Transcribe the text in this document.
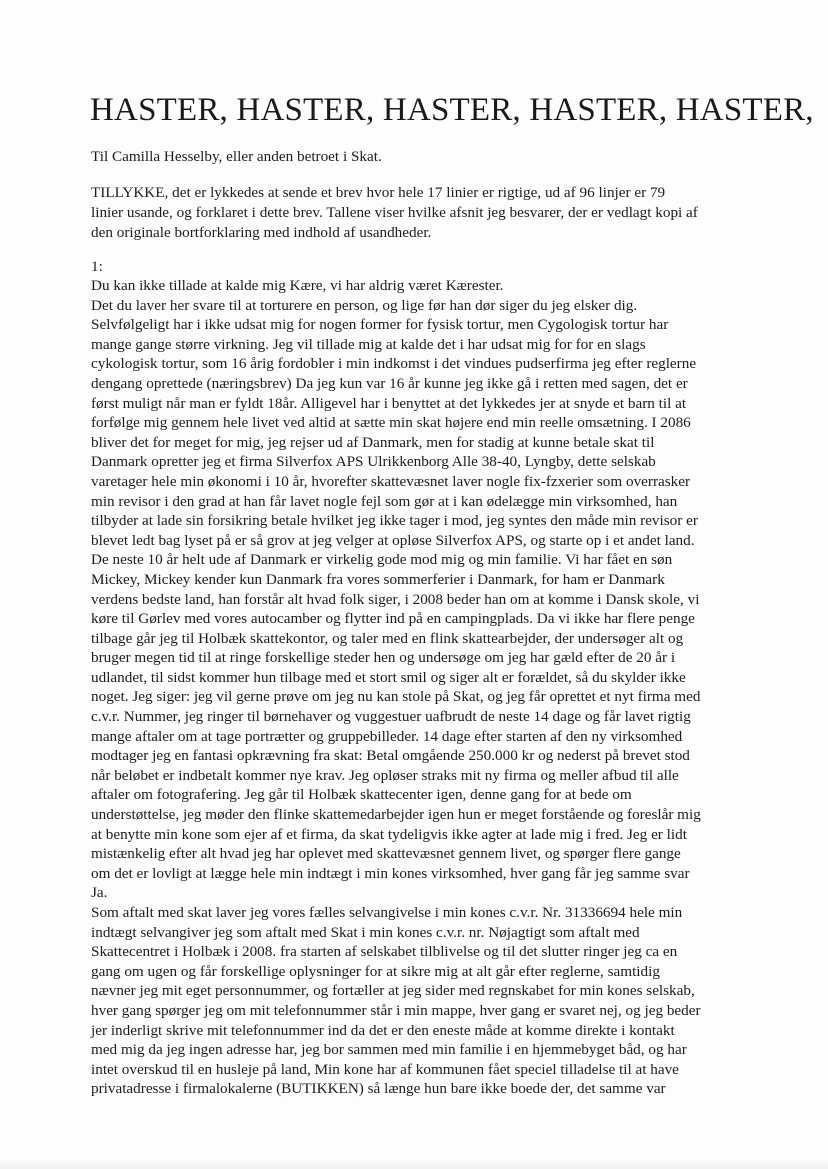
HASTER, HASTER, HASTER, HASTER, HASTER,

Til Camilla Hesselby, eller anden betroet i Skat.

TILLYKKE, det er lykkedes at sende et brev hvor hele 17 linier er rigtige, ud af 96 linjer er 79
linier usande, og forklaret i dette brev. Tallene viser hvilke afsnit jeg besvarer, der er vedlagt kopi af
den originale bortforklaring med indhold af usandheder.

1:

Du kan ikke tillade at kalde mig Kære, vi har aldrig været Kærester.
Det du laver her svare til at torturere en person, og lige før han dør siger du jeg elsker dig.
Selvfølgeligt har i ikke udsat mig for nogen former for fysisk tortur, men Cygologisk tortur har
mange gange større virkning. Jeg vil tillade mig at kalde det i har udsat mig for for en slags
cykologisk tortur, som 16 årig fordobler i min indkomst i det vindues pudserfirma jeg efter reglerne
dengang oprettede (næringsbrev) Da jeg kun var 16 år kunne jeg ikke gå i retten med sagen, det er
først muligt når man er fyldt 18år. Alligevel har i benyttet at det lykkedes jer at snyde et barn til at
forfølge mig gennem hele livet ved altid at sætte min skat højere end min reelle omsætning. I 2086
bliver det for meget for mig, jeg rejser ud af Danmark, men for stadig at kunne betale skat til
Danmark opretter jeg et firma Silverfox APS Ulrikkenborg Alle 38-40, Lyngby, dette selskab
varetager hele min økonomi i 10 år, hvorefter skattevæsnet laver nogle fix-fzxerier som overrasker
min revisor i den grad at han får lavet nogle fejl som gør at i kan ødelægge min virksomhed, han
tilbyder at lade sin forsikring betale hvilket jeg ikke tager i mod, jeg syntes den måde min revisor er
blevet ledt bag lyset på er så grov at jeg velger at opløse Silverfox APS, og starte op i et andet land.
De neste 10 år helt ude af Danmark er virkelig gode mod mig og min familie. Vi har fået en søn
Mickey, Mickey kender kun Danmark fra vores sommerferier i Danmark, for ham er Danmark
verdens bedste land, han forstår alt hvad folk siger, i 2008 beder han om at komme i Dansk skole, vi
køre til Gørlev med vores autocamber og flytter ind på en campingplads. Da vi ikke har flere penge
tilbage går jeg til Holbæk skattekontor, og taler med en flink skattearbejder, der undersøger alt og
bruger megen tid til at ringe forskellige steder hen og undersøge om jeg har gæld efter de 20 år i
udlandet, til sidst kommer hun tilbage med et stort smil og siger alt er forældet, så du skylder ikke
noget. Jeg siger: jeg vil gerne prøve om jeg nu kan stole på Skat, og jeg får oprettet et nyt firma med
c.v.r. Nummer, jeg ringer til børnehaver og vuggestuer uafbrudt de neste 14 dage og får lavet rigtig
mange aftaler om at tage portrætter og gruppebilleder. 14 dage efter starten af den ny virksomhed
modtager jeg en fantasi opkrævning fra skat: Betal omgående 250.000 kr og nederst på brevet stod
når beløbet er indbetalt kommer nye krav. Jeg opløser straks mit ny firma og meller afbud til alle
aftaler om fotografering. Jeg går til Holbæk skattecenter igen, denne gang for at bede om
understøttelse, jeg møder den flinke skattemedarbejder igen hun er meget forstående og foreslår mig
at benytte min kone som ejer af et firma, da skat tydeligvis ikke agter at lade mig i fred. Jeg er lidt
mistænkelig efter alt hvad jeg har oplevet med skattevæsnet gennem livet, og spørger flere gange
om det er lovligt at lægge hele min indtægt i min kones virksomhed, hver gang får jeg samme svar
Ja.
Som aftalt med skat laver jeg vores fælles selvangivelse i min kones c.v.r. Nr. 31336694 hele min
indtægt selvangiver jeg som aftalt med Skat i min kones c.v.r. nr. Nøjagtigt som aftalt med
Skattecentret i Holbæk i 2008. fra starten af selskabet tilblivelse og til det slutter ringer jeg ca en
gang om ugen og får forskellige oplysninger for at sikre mig at alt går efter reglerne, samtidig
nævner jeg mit eget personnummer, og fortæller at jeg sider med regnskabet for min kones selskab,
hver gang spørger jeg om mit telefonnummer står i min mappe, hver gang er svaret nej, og jeg beder
jer inderligt skrive mit telefonnummer ind da det er den eneste måde at komme direkte i kontakt
med mig da jeg ingen adresse har, jeg bor sammen med min familie i en hjemmebyget båd, og har
intet overskud til en husleje på land, Min kone har af kommunen fået speciel tilladelse til at have
privatadresse i firmalokalerne (BUTIKKEN) så længe hun bare ikke boede der, det samme var
